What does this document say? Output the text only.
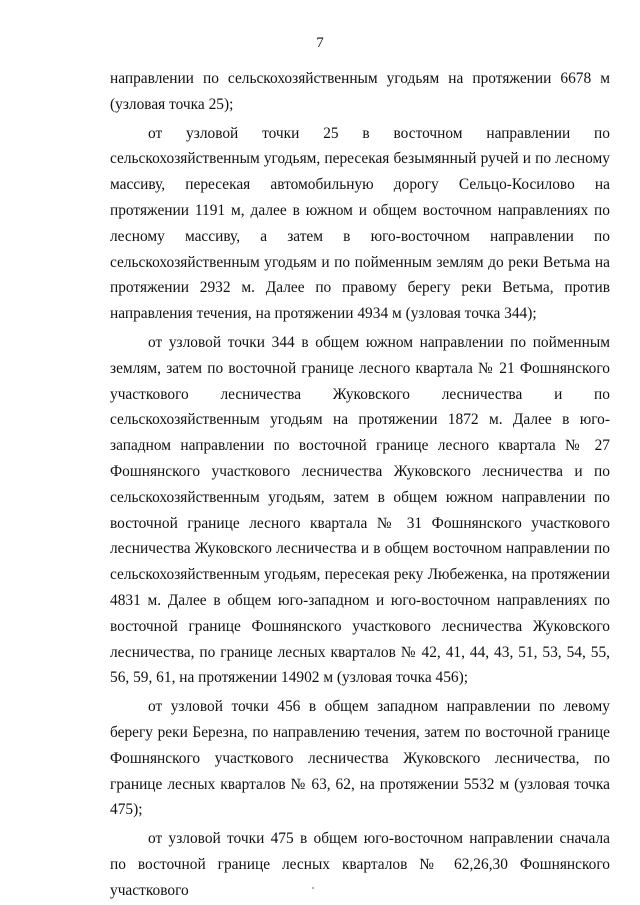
7

направлении по сельскохозяйственным угодьям на протяжении 6678 м (узловая точка 25);

от узловой точки 25 в восточном направлении по сельскохозяйственным угодьям, пересекая безымянный ручей и по лесному массиву, пересекая автомобильную дорогу Сельцо-Косилово на протяжении 1191 м, далее в южном и общем восточном направлениях по лесному массиву, а затем в юго-восточном направлении по сельскохозяйственным угодьям и по пойменным землям до реки Ветьма на протяжении 2932 м. Далее по правому берегу реки Ветьма, против направления течения, на протяжении 4934 м (узловая точка 344);

от узловой точки 344 в общем южном направлении по пойменным землям, затем по восточной границе лесного квартала № 21 Фошнянского участкового лесничества Жуковского лесничества и по сельскохозяйственным угодьям на протяжении 1872 м. Далее в юго-западном направлении по восточной границе лесного квартала № 27 Фошнянского участкового лесничества Жуковского лесничества и по сельскохозяйственным угодьям, затем в общем южном направлении по восточной границе лесного квартала № 31 Фошнянского участкового лесничества Жуковского лесничества и в общем восточном направлении по сельскохозяйственным угодьям, пересекая реку Любеженка, на протяжении 4831 м. Далее в общем юго-западном и юго-восточном направлениях по восточной границе Фошнянского участкового лесничества Жуковского лесничества, по границе лесных кварталов № 42, 41, 44, 43, 51, 53, 54, 55, 56, 59, 61, на протяжении 14902 м (узловая точка 456);

от узловой точки 456 в общем западном направлении по левому берегу реки Березна, по направлению течения, затем по восточной границе Фошнянского участкового лесничества Жуковского лесничества, по границе лесных кварталов № 63, 62, на протяжении 5532 м (узловая точка 475);

от узловой точки 475 в общем юго-восточном направлении сначала по восточной границе лесных кварталов № 62,26,30 Фошнянского участкового
